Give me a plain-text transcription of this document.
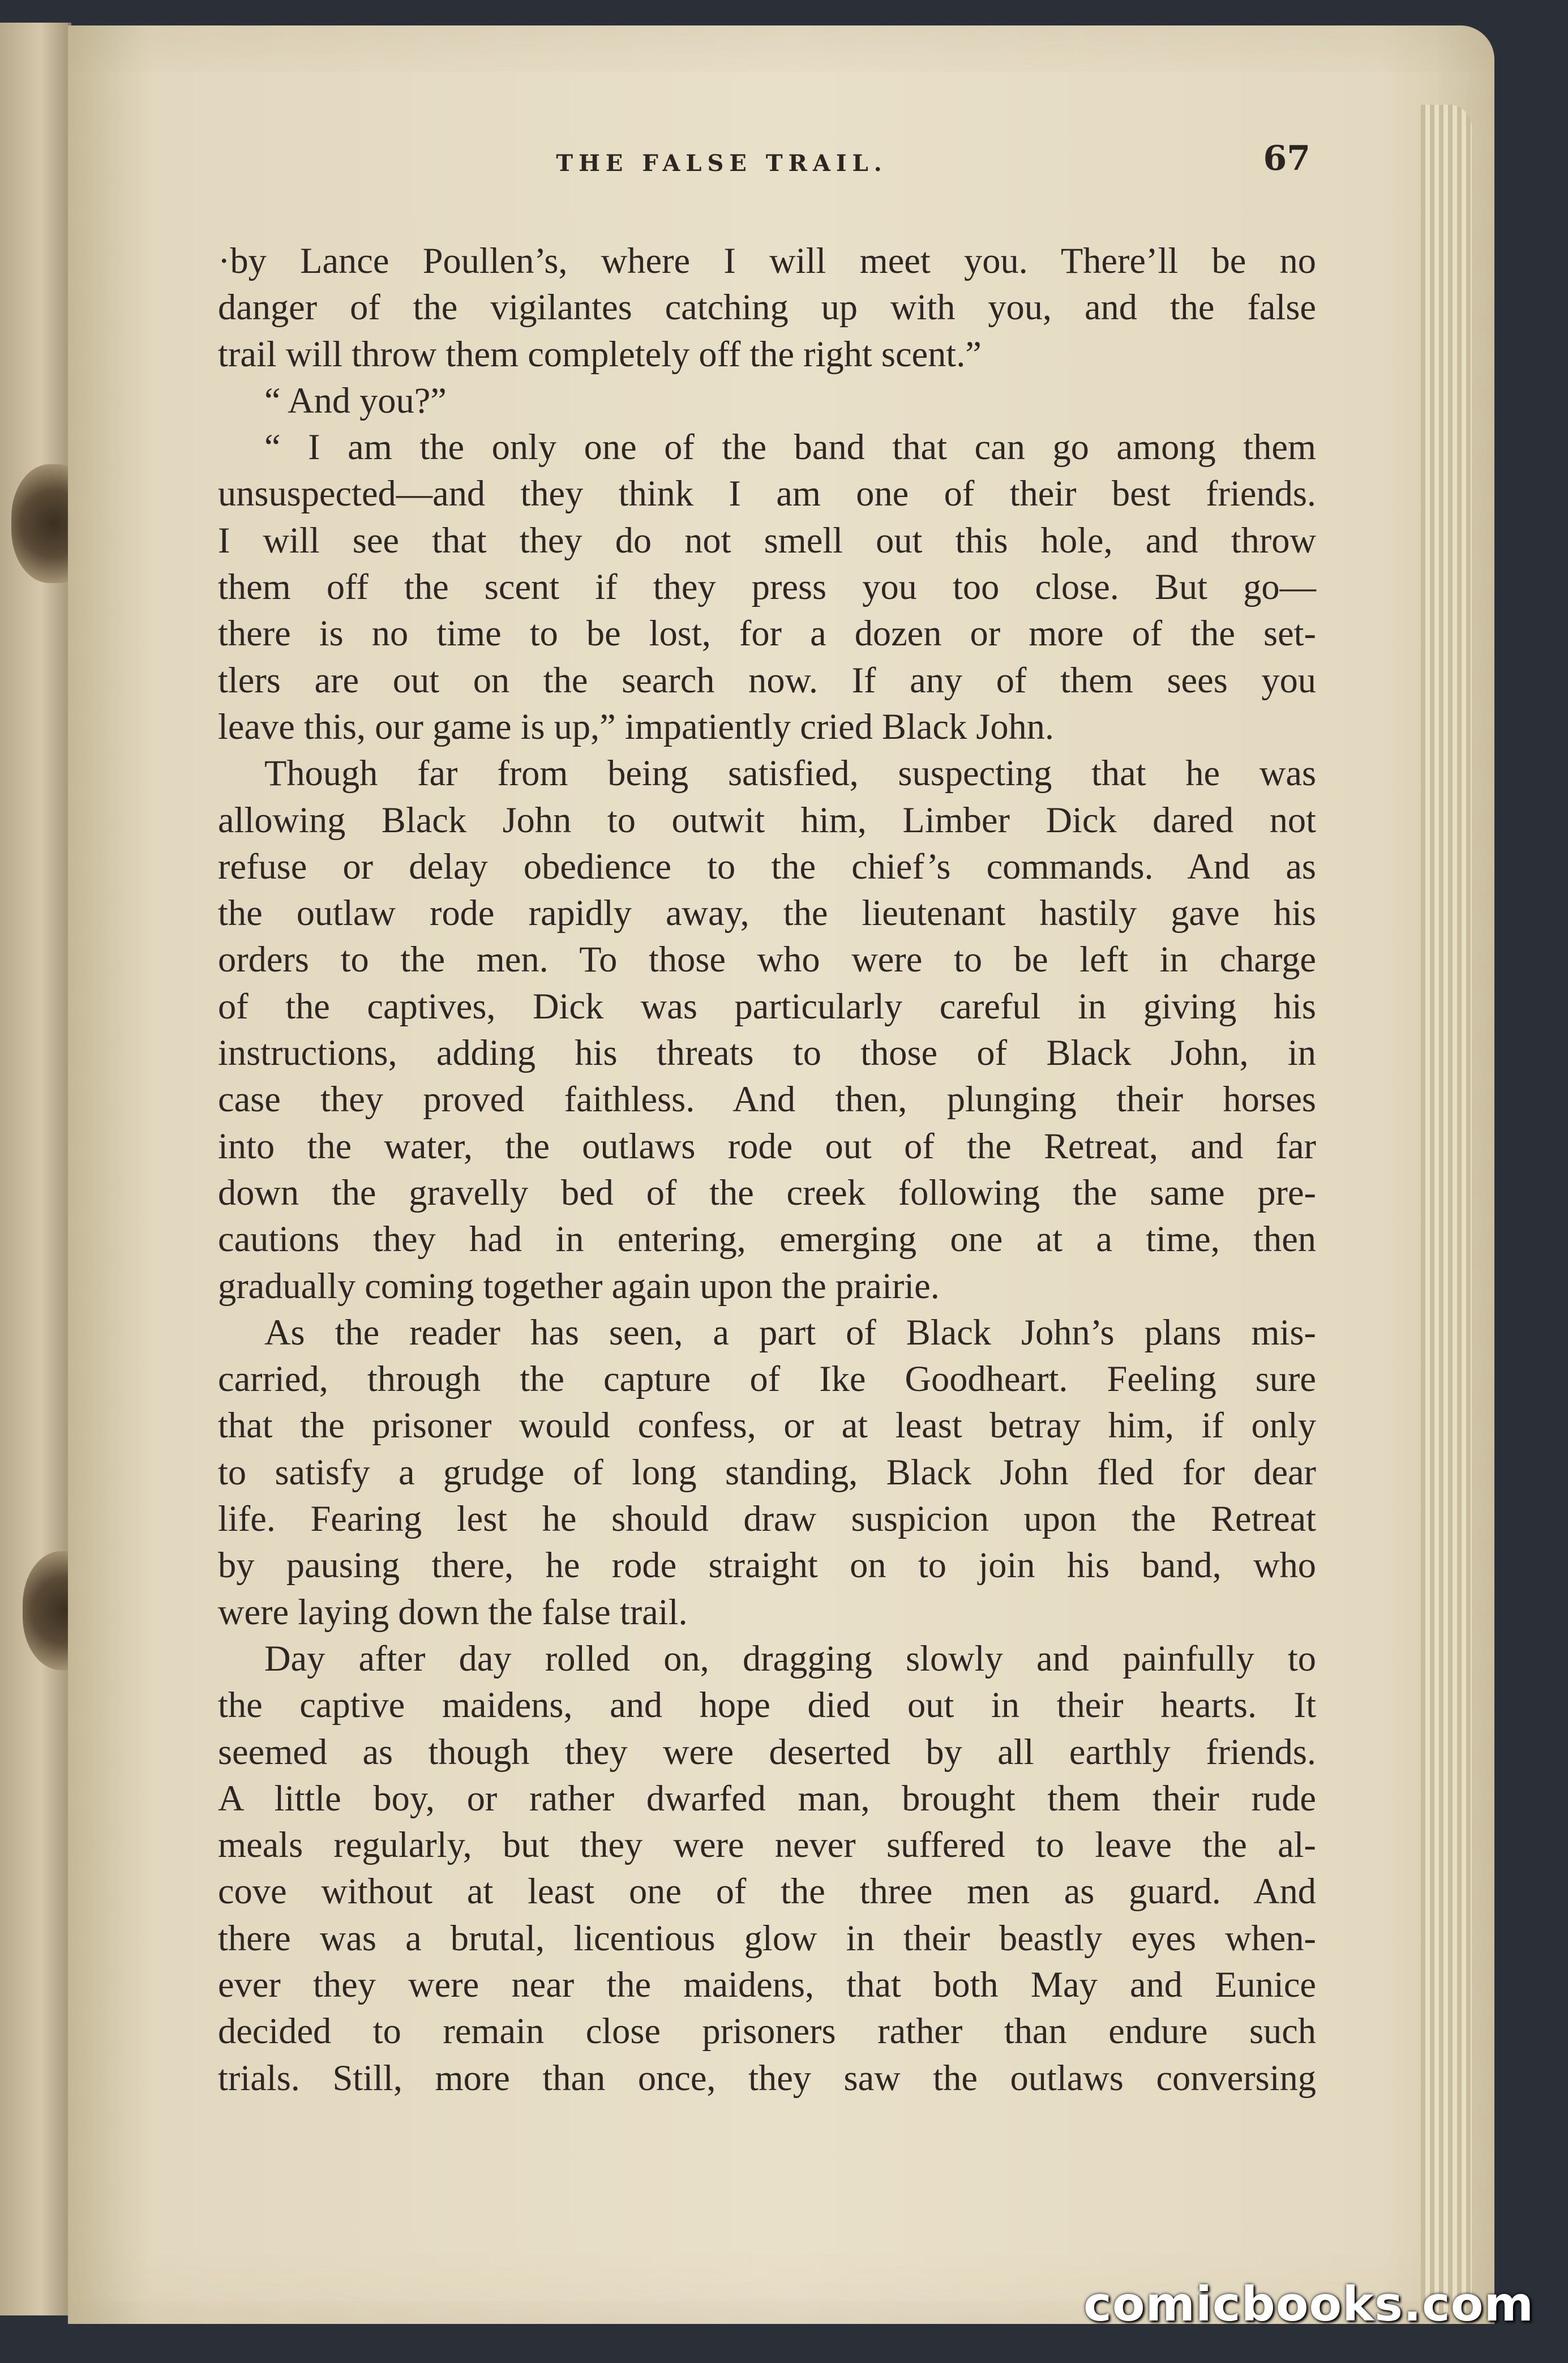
THE FALSE TRAIL.	67
·by Lance Poullen’s, where I will meet you. There’ll be no
danger of the vigilantes catching up with you, and the false
trail will throw them completely off the right scent.”
“ And you?”
“ I am the only one of the band that can go among them
unsuspected—and they think I am one of their best friends.
I will see that they do not smell out this hole, and throw
them off the scent if they press you too close. But go—
there is no time to be lost, for a dozen or more of the set-
tlers are out on the search now. If any of them sees you
leave this, our game is up,” impatiently cried Black John.
Though far from being satisfied, suspecting that he was
allowing Black John to outwit him, Limber Dick dared not
refuse or delay obedience to the chief’s commands. And as
the outlaw rode rapidly away, the lieutenant hastily gave his
orders to the men. To those who were to be left in charge
of the captives, Dick was particularly careful in giving his
instructions, adding his threats to those of Black John, in
case they proved faithless. And then, plunging their horses
into the water, the outlaws rode out of the Retreat, and far
down the gravelly bed of the creek following the same pre-
cautions they had in entering, emerging one at a time, then
gradually coming together again upon the prairie.
As the reader has seen, a part of Black John’s plans mis-
carried, through the capture of Ike Goodheart. Feeling sure
that the prisoner would confess, or at least betray him, if only
to satisfy a grudge of long standing, Black John fled for dear
life. Fearing lest he should draw suspicion upon the Retreat
by pausing there, he rode straight on to join his band, who
were laying down the false trail.
Day after day rolled on, dragging slowly and painfully to
the captive maidens, and hope died out in their hearts. It
seemed as though they were deserted by all earthly friends.
A little boy, or rather dwarfed man, brought them their rude
meals regularly, but they were never suffered to leave the al-
cove without at least one of the three men as guard. And
there was a brutal, licentious glow in their beastly eyes when-
ever they were near the maidens, that both May and Eunice
decided to remain close prisoners rather than endure such
trials. Still, more than once, they saw the outlaws conversing
comicbooks.com
